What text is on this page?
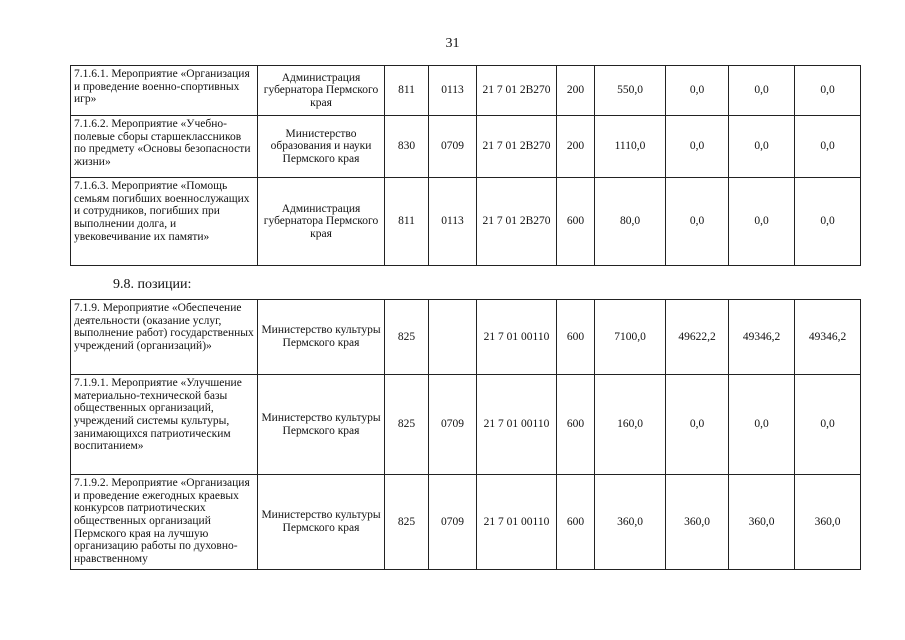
31
7.1.6.1. Мероприятие «Организация и проведение военно-спортивных игр»	Администрация губернатора Пермского края	811	0113	21 7 01 2В270	200	550,0	0,0	0,0	0,0
7.1.6.2. Мероприятие «Учебно-полевые сборы старшеклассников по предмету «Основы безопасности жизни»	Министерство образования и науки Пермского края	830	0709	21 7 01 2В270	200	1110,0	0,0	0,0	0,0
7.1.6.3. Мероприятие «Помощь семьям погибших военнослужащих и сотрудников, погибших при выполнении долга, и увековечивание их памяти»	Администрация губернатора Пермского края	811	0113	21 7 01 2В270	600	80,0	0,0	0,0	0,0
9.8. позиции:
7.1.9. Мероприятие «Обеспечение деятельности (оказание услуг, выполнение работ) государственных учреждений (организаций)»	Министерство культуры Пермского края	825		21 7 01 00110	600	7100,0	49622,2	49346,2	49346,2
7.1.9.1. Мероприятие «Улучшение материально-технической базы общественных организаций, учреждений системы культуры, занимающихся патриотическим воспитанием»	Министерство культуры Пермского края	825	0709	21 7 01 00110	600	160,0	0,0	0,0	0,0
7.1.9.2. Мероприятие «Организация и проведение ежегодных краевых конкурсов патриотических общественных организаций Пермского края на лучшую организацию работы по духовно-нравственному	Министерство культуры Пермского края	825	0709	21 7 01 00110	600	360,0	360,0	360,0	360,0
